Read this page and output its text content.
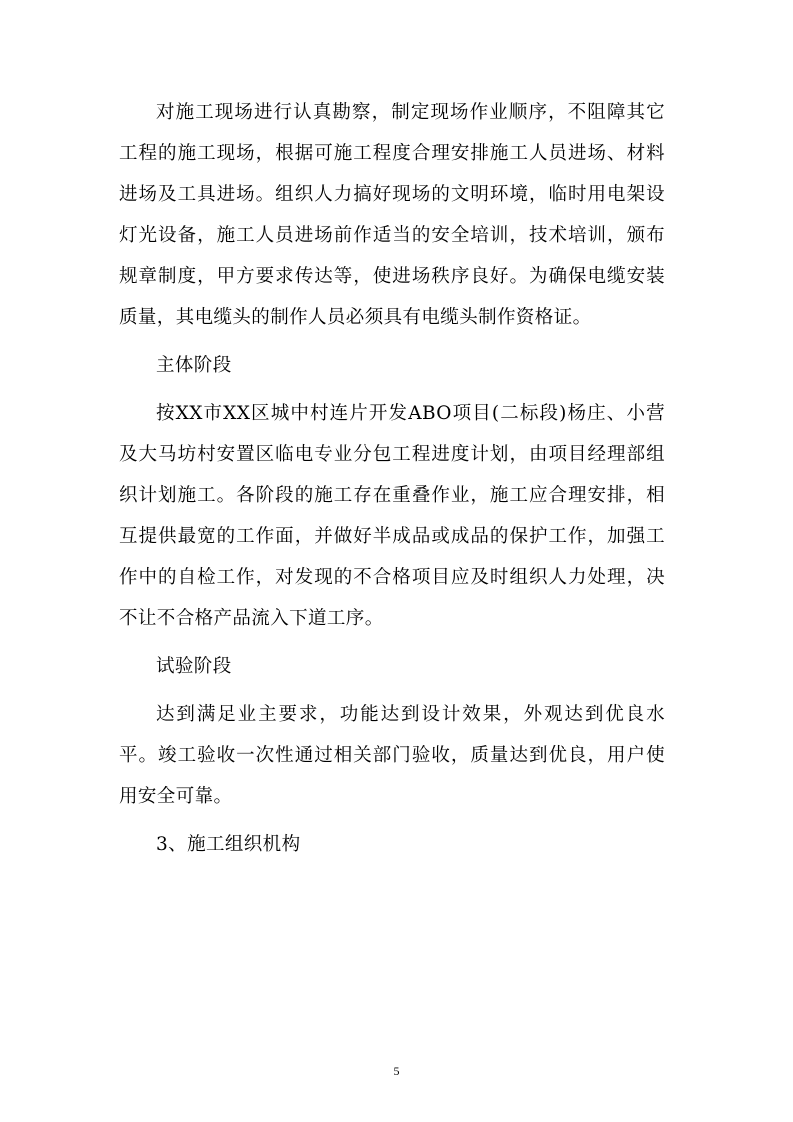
对施工现场进行认真勘察，制定现场作业顺序，不阻障其它工程的施工现场，根据可施工程度合理安排施工人员进场、材料进场及工具进场。组织人力搞好现场的文明环境，临时用电架设灯光设备，施工人员进场前作适当的安全培训，技术培训，颁布规章制度，甲方要求传达等，使进场秩序良好。为确保电缆安装质量，其电缆头的制作人员必须具有电缆头制作资格证。

主体阶段

按XX市XX区城中村连片开发ABO项目(二标段)杨庄、小营及大马坊村安置区临电专业分包工程进度计划，由项目经理部组织计划施工。各阶段的施工存在重叠作业，施工应合理安排，相互提供最宽的工作面，并做好半成品或成品的保护工作，加强工作中的自检工作，对发现的不合格项目应及时组织人力处理，决不让不合格产品流入下道工序。

试验阶段

达到满足业主要求，功能达到设计效果，外观达到优良水平。竣工验收一次性通过相关部门验收，质量达到优良，用户使用安全可靠。

3、施工组织机构

5
